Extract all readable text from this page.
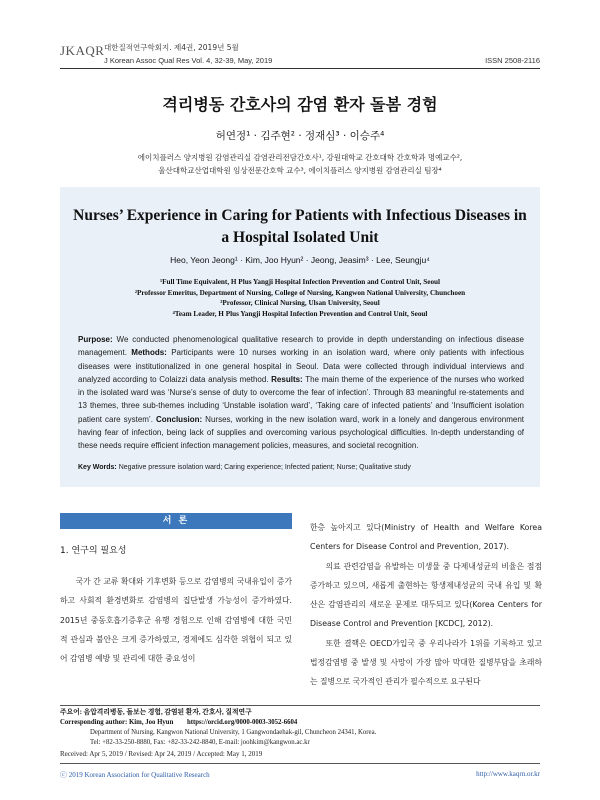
JKAQR 대한질적연구학회지. 제4권, 2019년 5월
J Korean Assoc Qual Res Vol. 4, 32-39, May, 2019	ISSN 2508-2116
격리병동 간호사의 감염 환자 돌봄 경험
허연정¹ · 김주현² · 정재심³ · 이승주⁴
에이치플러스 양지병원 감염관리실 감염관리전담간호사¹, 강원대학교 간호대학 간호학과 명예교수²,
울산대학교산업대학원 임상전문간호학 교수³, 에이치플러스 양지병원 감염관리실 팀장⁴
Nurses’ Experience in Caring for Patients with Infectious Diseases in
a Hospital Isolated Unit
Heo, Yeon Jeong¹ · Kim, Joo Hyun² · Jeong, Jeasim³ · Lee, Seungju⁴
¹Full Time Equivalent, H Plus Yangji Hospital Infection Prevention and Control Unit, Seoul
²Professor Emeritus, Department of Nursing, College of Nursing, Kangwon National University, Chunchoen
³Professor, Clinical Nursing, Ulsan University, Seoul
⁴Team Leader, H Plus Yangji Hospital Infection Prevention and Control Unit, Seoul
Purpose: We conducted phenomenological qualitative research to provide in depth understanding on infectious disease management. Methods: Participants were 10 nurses working in an isolation ward, where only patients with infectious diseases were institutionalized in one general hospital in Seoul. Data were collected through individual interviews and analyzed according to Colaizzi data analysis method. Results: The main theme of the experience of the nurses who worked in the isolated ward was ‘Nurse’s sense of duty to overcome the fear of infection’. Through 83 meaningful re-statements and 13 themes, three sub-themes including ‘Unstable isolation ward’, ‘Taking care of infected patients’ and ‘Insufficient isolation patient care system’. Conclusion: Nurses, working in the new isolation ward, work in a lonely and dangerous environment having fear of infection, being lack of supplies and overcoming various psychological difficulties. In-depth understanding of these needs require efficient infection management policies, measures, and societal recognition.
Key Words: Negative pressure isolation ward; Caring experience; Infected patient; Nurse; Qualitative study
서 론
1. 연구의 필요성

국가 간 교류 확대와 기후변화 등으로 감염병의 국내유입이 증가하고 사회적 환경변화로 감염병의 집단발생 가능성이 증가하였다. 2015년 중동호흡기증후군 유행 경험으로 인해 감염병에 대한 국민적 관심과 불안은 크게 증가하였고, 경제에도 심각한 위협이 되고 있어 감염병 예방 및 관리에 대한 중요성이

한층 높아지고 있다(Ministry of Health and Welfare Korea Centers for Disease Control and Prevention, 2017).

의료 관련감염을 유발하는 미생물 중 다제내성균의 비율은 점점 증가하고 있으며, 새롭게 출현하는 항생제내성균의 국내 유입 및 확산은 감염관리의 새로운 문제로 대두되고 있다(Korea Centers for Disease Control and Prevention [KCDC], 2012).

또한 결핵은 OECD가입국 중 우리나라가 1위를 기록하고 있고 법정감염병 중 발생 및 사망이 가장 많아 막대한 질병부담을 초래하는 질병으로 국가적인 관리가 필수적으로 요구된다

주요어: 음압격리병동, 돌보는 경험, 감염된 환자, 간호사, 질적연구
Corresponding author: Kim, Joo Hyun https://orcid.org/0000-0003-3052-6604
Department of Nursing, Kangwon National University, 1 Gangwondaehak-gil, Chuncheon 24341, Korea.
Tel: +82-33-250-8880, Fax: +82-33-242-8840, E-mail: joohkim@kangwon.ac.kr
Received: Apr 5, 2019 / Revised: Apr 24, 2019 / Accepted: May 1, 2019
ⓒ 2019 Korean Association for Qualitative Research	http://www.kaqrn.or.kr
